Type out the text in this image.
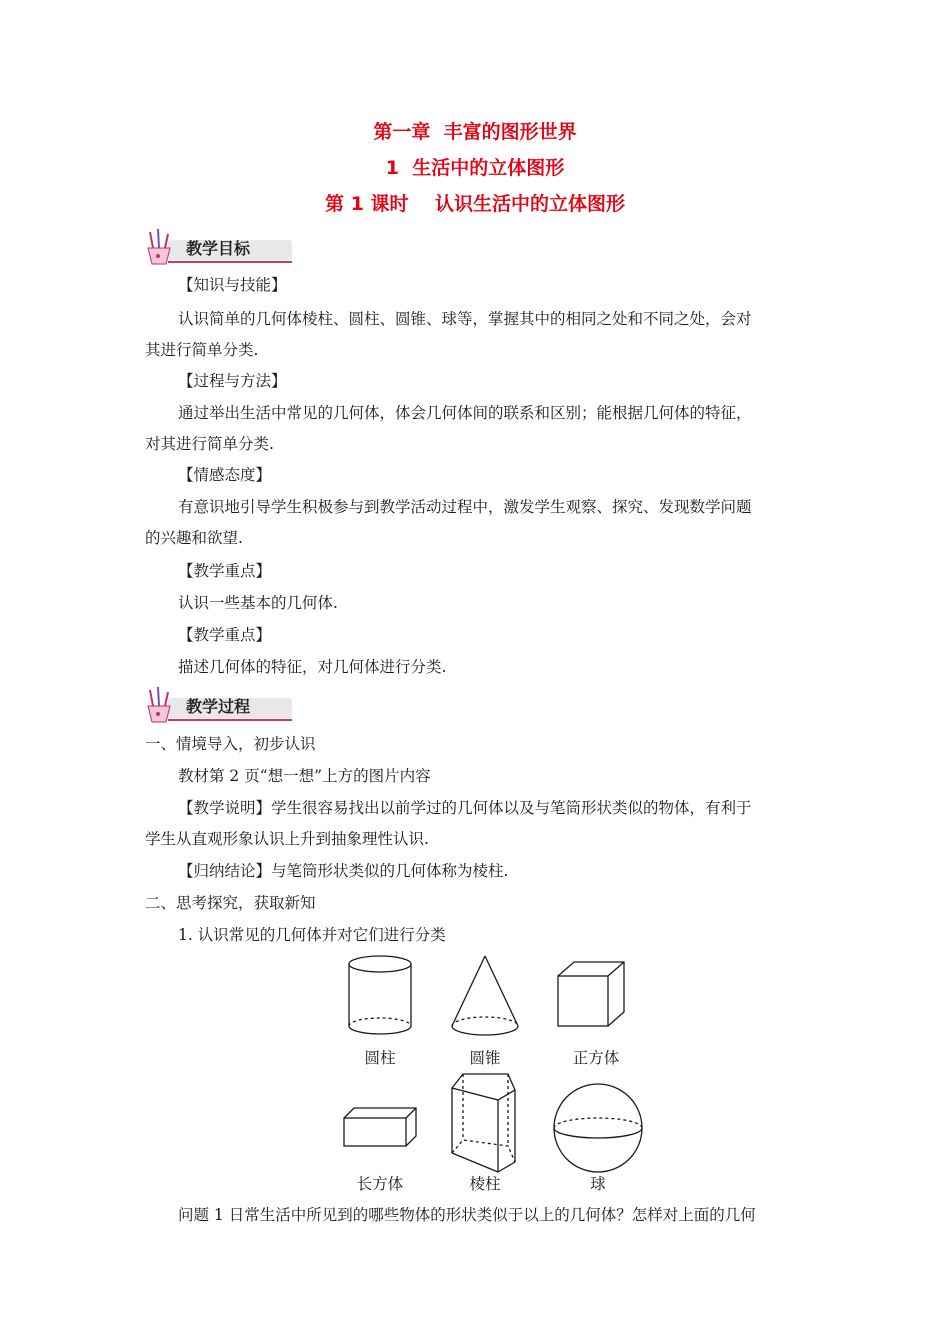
第一章  丰富的图形世界
1  生活中的立体图形
第 1 课时    认识生活中的立体图形
教学目标
【知识与技能】
认识简单的几何体棱柱、圆柱、圆锥、球等，掌握其中的相同之处和不同之处，会对
其进行简单分类.
【过程与方法】
通过举出生活中常见的几何体，体会几何体间的联系和区别；能根据几何体的特征，
对其进行简单分类.
【情感态度】
有意识地引导学生积极参与到教学活动过程中，激发学生观察、探究、发现数学问题
的兴趣和欲望.
【教学重点】
认识一些基本的几何体.
【教学重点】
描述几何体的特征，对几何体进行分类.
教学过程
一、情境导入，初步认识
教材第 2 页“想一想”上方的图片内容
【教学说明】学生很容易找出以前学过的几何体以及与笔筒形状类似的物体，有利于
学生从直观形象认识上升到抽象理性认识.
【归纳结论】与笔筒形状类似的几何体称为棱柱.
二、思考探究，获取新知
1. 认识常见的几何体并对它们进行分类
圆柱	圆锥	正方体
长方体	棱柱	球
问题 1 日常生活中所见到的哪些物体的形状类似于以上的几何体？怎样对上面的几何
